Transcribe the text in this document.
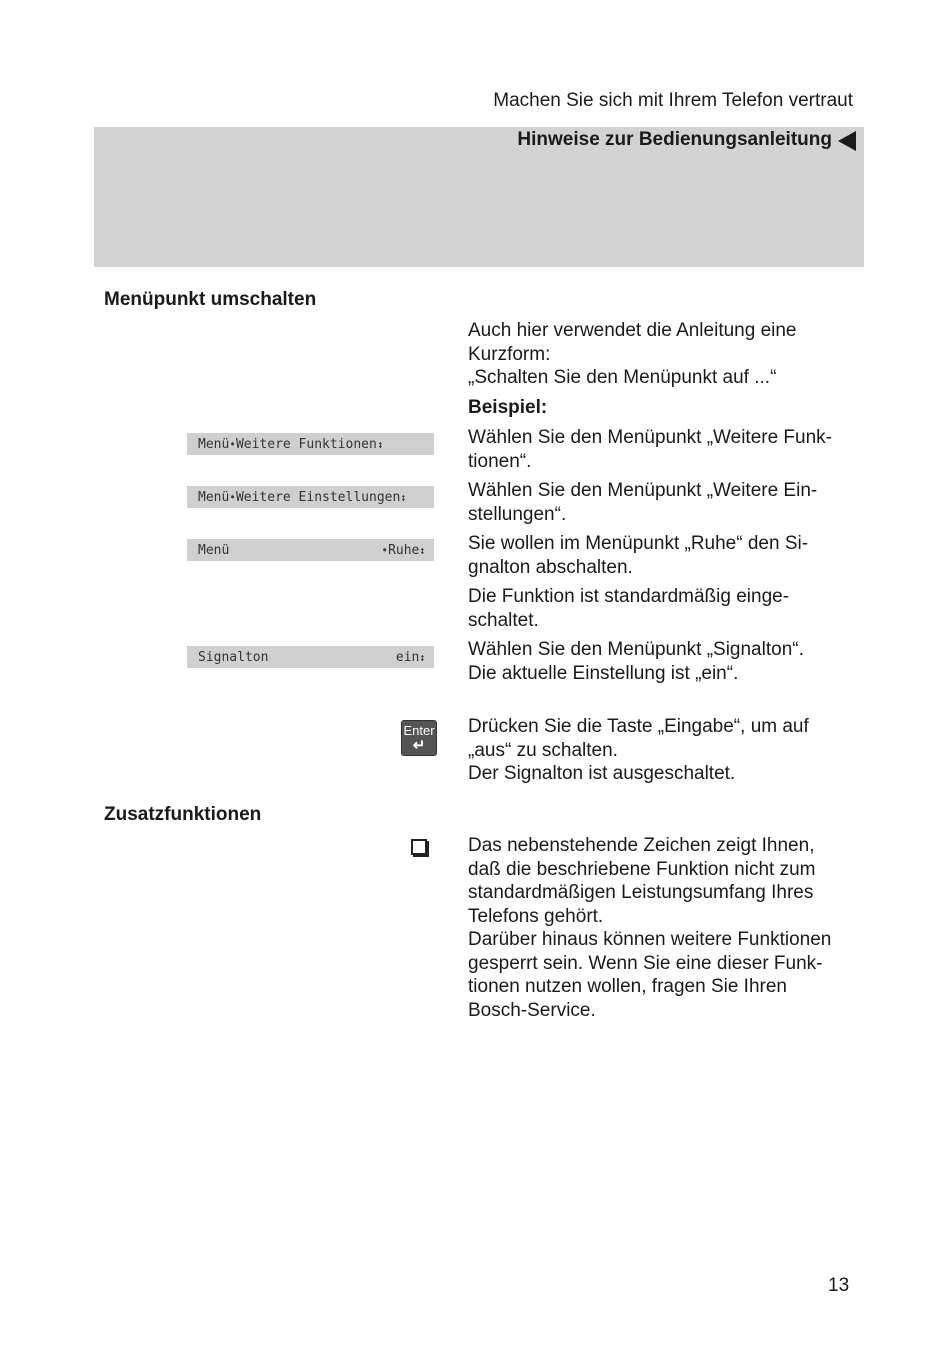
Machen Sie sich mit Ihrem Telefon vertraut
Hinweise zur Bedienungsanleitung
Menüpunkt umschalten
Auch hier verwendet die Anleitung eine
Kurzform:
„Schalten Sie den Menüpunkt auf ...“
Beispiel:
Wählen Sie den Menüpunkt „Weitere Funk-
tionen“.
Wählen Sie den Menüpunkt „Weitere Ein-
stellungen“.
Sie wollen im Menüpunkt „Ruhe“ den Si-
gnalton abschalten.
Die Funktion ist standardmäßig einge-
schaltet.
Wählen Sie den Menüpunkt „Signalton“.
Die aktuelle Einstellung ist „ein“.
Drücken Sie die Taste „Eingabe“, um auf
„aus“ zu schalten.
Der Signalton ist ausgeschaltet.
Menü➧Weitere Funktionen↕
Menü➧Weitere Einstellungen↕
Menü	➧Ruhe↕
Signalton	ein↕
Enter
↵
Zusatzfunktionen
Das nebenstehende Zeichen zeigt Ihnen,
daß die beschriebene Funktion nicht zum
standardmäßigen Leistungsumfang Ihres
Telefons gehört.
Darüber hinaus können weitere Funktionen
gesperrt sein. Wenn Sie eine dieser Funk-
tionen nutzen wollen, fragen Sie Ihren
Bosch-Service.
13
